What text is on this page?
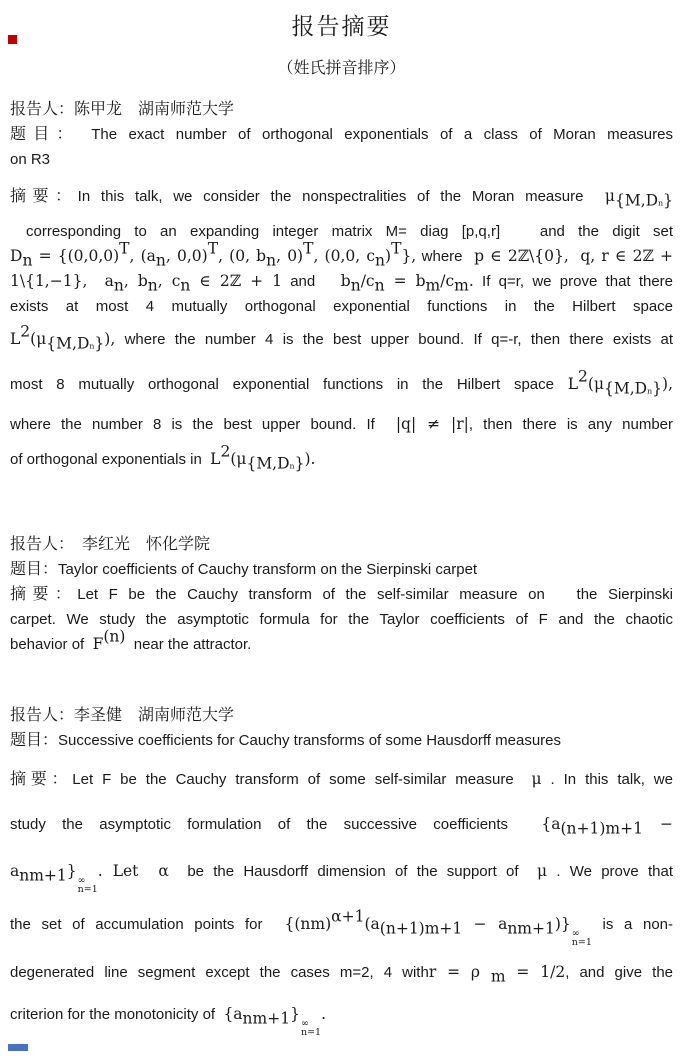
报告摘要
（姓氏拼音排序）
报告人：陈甲龙　湖南师范大学
题目： The exact number of orthogonal exponentials of a class of Moran measures
on R3
摘要：In this talk, we consider the nonspectralities of the Moran measure  $\mu_{\{M,Dn\}}$
corresponding to an expanding integer matrix M= diag [p,q,r]   and the digit set
$D_n = \{(0,0,0)^T$, ($a_n$, 0,0)$^T$, (0, $b_n$, 0)$^T$, (0,0, $c_n)^T$}, where  p ∈ 2ℤ\{0},  q, r ∈ 2ℤ +
1\{1,−1},  $a_n$, $b_n$, $c_n$ ∈ 2ℤ + 1 and   $b_n/c_n = b_m/c_m$. If q=r, we prove that there
exists at most 4 mutually orthogonal exponential functions in the Hilbert space
$L^2(\mu_{\{M,Dn\}})$, where the number 4 is the best upper bound. If q=-r, then there exists at
most 8 mutually orthogonal exponential functions in the Hilbert space $L^2(\mu_{\{M,Dn\}})$,
where the number 8 is the best upper bound. If  |q| ≠ |r|, then there is any number
of orthogonal exponentials in  $L^2(\mu_{\{M,Dn\}})$.
报告人：　李红光　怀化学院
题目：Taylor coefficients of Cauchy transform on the Sierpinski carpet
摘要：Let F be the Cauchy transform of the self-similar measure on   the Sierpinski
carpet. We study the asymptotic formula for the Taylor coefficients of F and the chaotic
behavior of  $F^{(n)}$  near the attractor.
报告人：李圣健　湖南师范大学
题目：Successive coefficients for Cauchy transforms of some Hausdorff measures
摘要：Let F be the Cauchy transform of some self-similar measure  μ . In this talk, we
study the asymptotic formulation of the successive coefficients  {$a_{(n+1)m+1}$ −
$a_{nm+1}$}
∞
n=1
. Let  α  be the Hausdorff dimension of the support of  μ . We prove that
the set of accumulation points for  $\{(nm)^{\alpha+1}(a_{(n+1)m+1} - a_{nm+1})\}$
∞
n=1
is a non-
degenerated line segment except the cases m=2, 4 withr = ρ $_m$ = 1/2, and give the
criterion for the monotonicity of  $\{a_{nm+1}\}$
∞
n=1
.
